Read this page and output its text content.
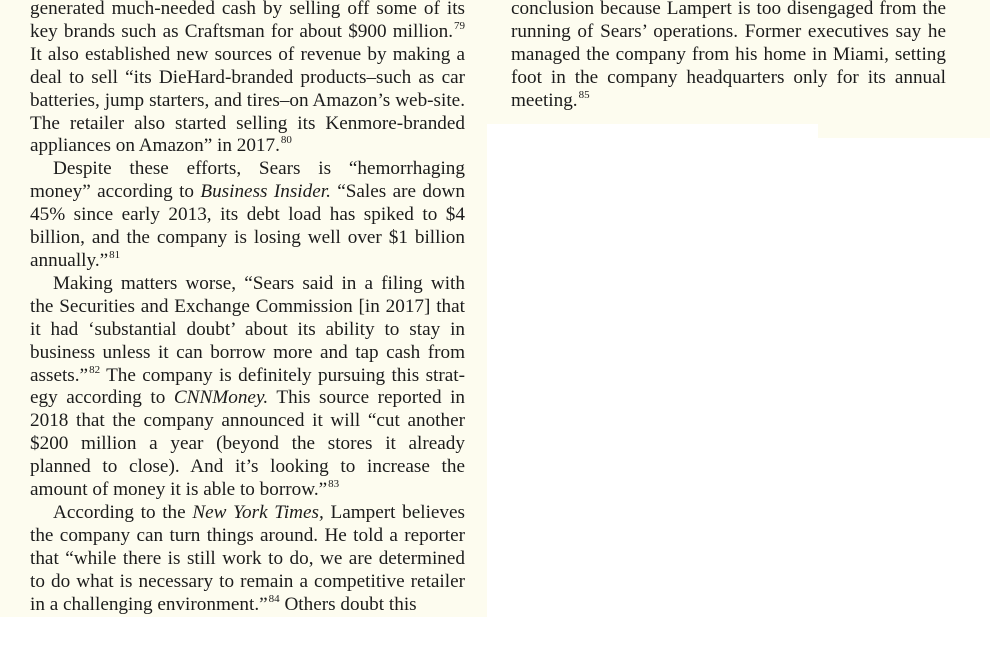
generated much-needed cash by selling off some of its key brands such as Craftsman for about $900 million.$^{79}$ It also established new sources of revenue by making a deal to sell “its DieHard-branded products–such as car batteries, jump starters, and tires–on Amazon’s web-site. The retailer also started selling its Kenmore-branded appliances on Amazon” in 2017.80

Despite these efforts, Sears is “hemorrhaging money” according to Business Insider. “Sales are down 45% since early 2013, its debt load has spiked to $4 billion, and the company is losing well over $1 billion annually.”$^{81}$

Making matters worse, “Sears said in a filing with the Securities and Exchange Commission [in 2017] that it had ‘substantial doubt’ about its ability to stay in business unless it can borrow more and tap cash from assets.”$^{82}$ The company is definitely pursuing this strat-egy according to CNNMoney. This source reported in 2018 that the company announced it will “cut another $200 million a year (beyond the stores it already planned to close). And it’s looking to increase the amount of money it is able to borrow.”$^{83}$

According to the New York Times, Lampert believes the company can turn things around. He told a reporter that “while there is still work to do, we are determined to do what is necessary to remain a competitive retailer in a challenging environment.”$^{84}$ Others doubt this

conclusion because Lampert is too disengaged from the running of Sears’ operations. Former executives say he managed the company from his home in Miami, setting foot in the company headquarters only for its annual meeting.$^{85}$
